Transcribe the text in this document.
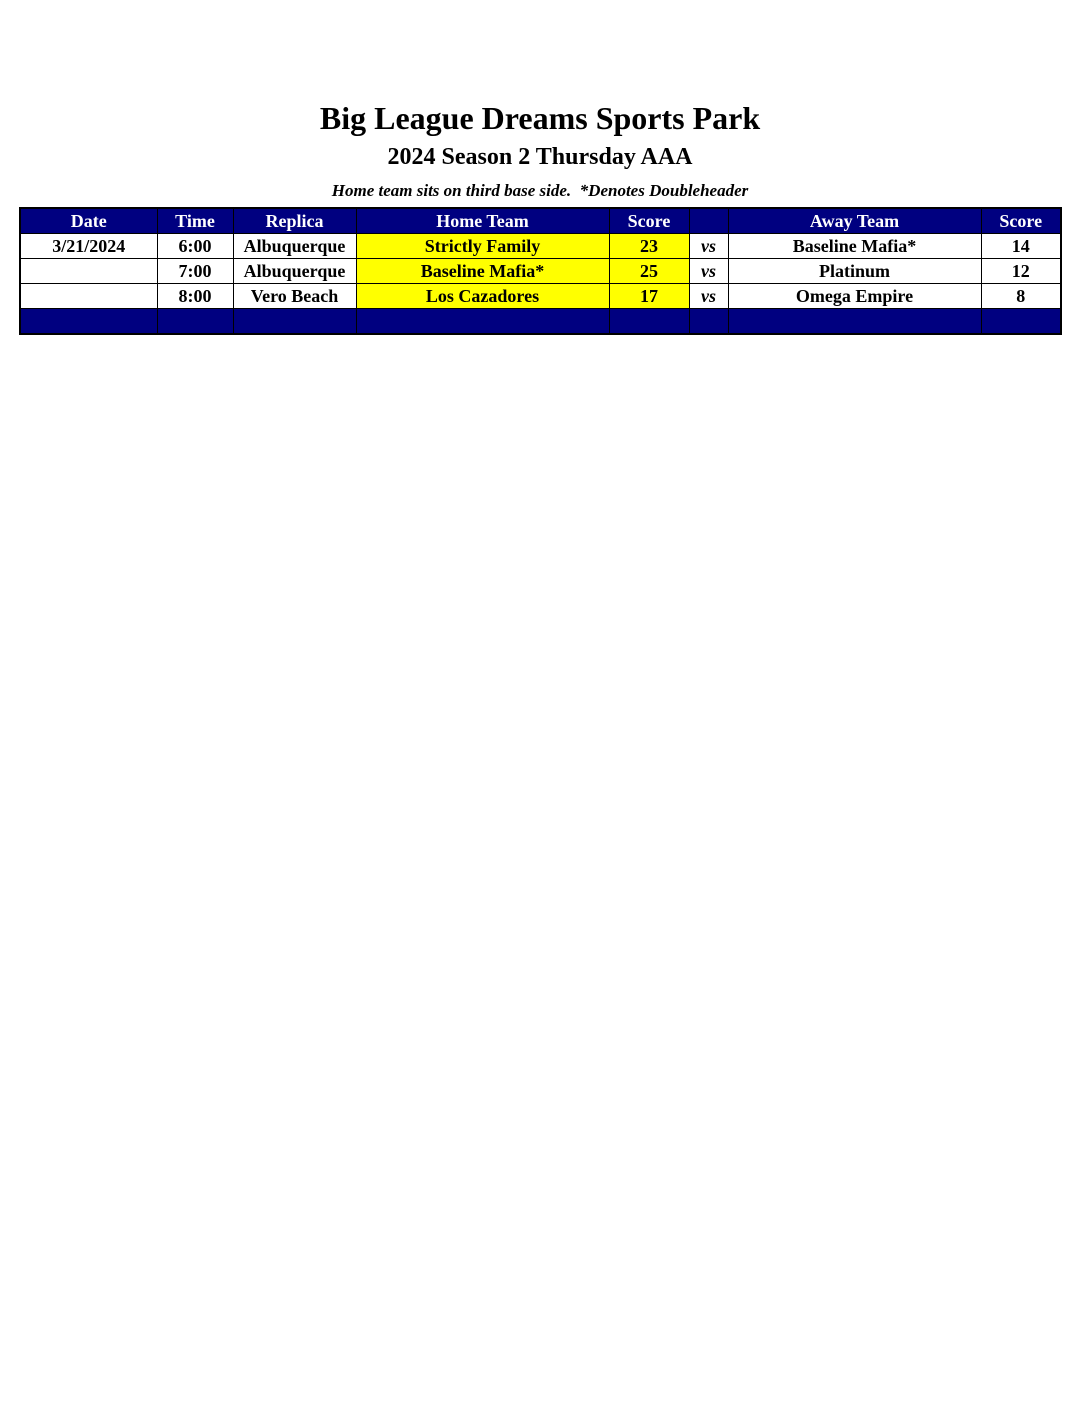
Big League Dreams Sports Park
2024 Season 2 Thursday AAA
Home team sits on third base side.  *Denotes Doubleheader
Date	Time	Replica	Home Team	Score		Away Team	Score
3/21/2024	6:00	Albuquerque	Strictly Family	23	vs	Baseline Mafia*	14
	7:00	Albuquerque	Baseline Mafia*	25	vs	Platinum	12
	8:00	Vero Beach	Los Cazadores	17	vs	Omega Empire	8
